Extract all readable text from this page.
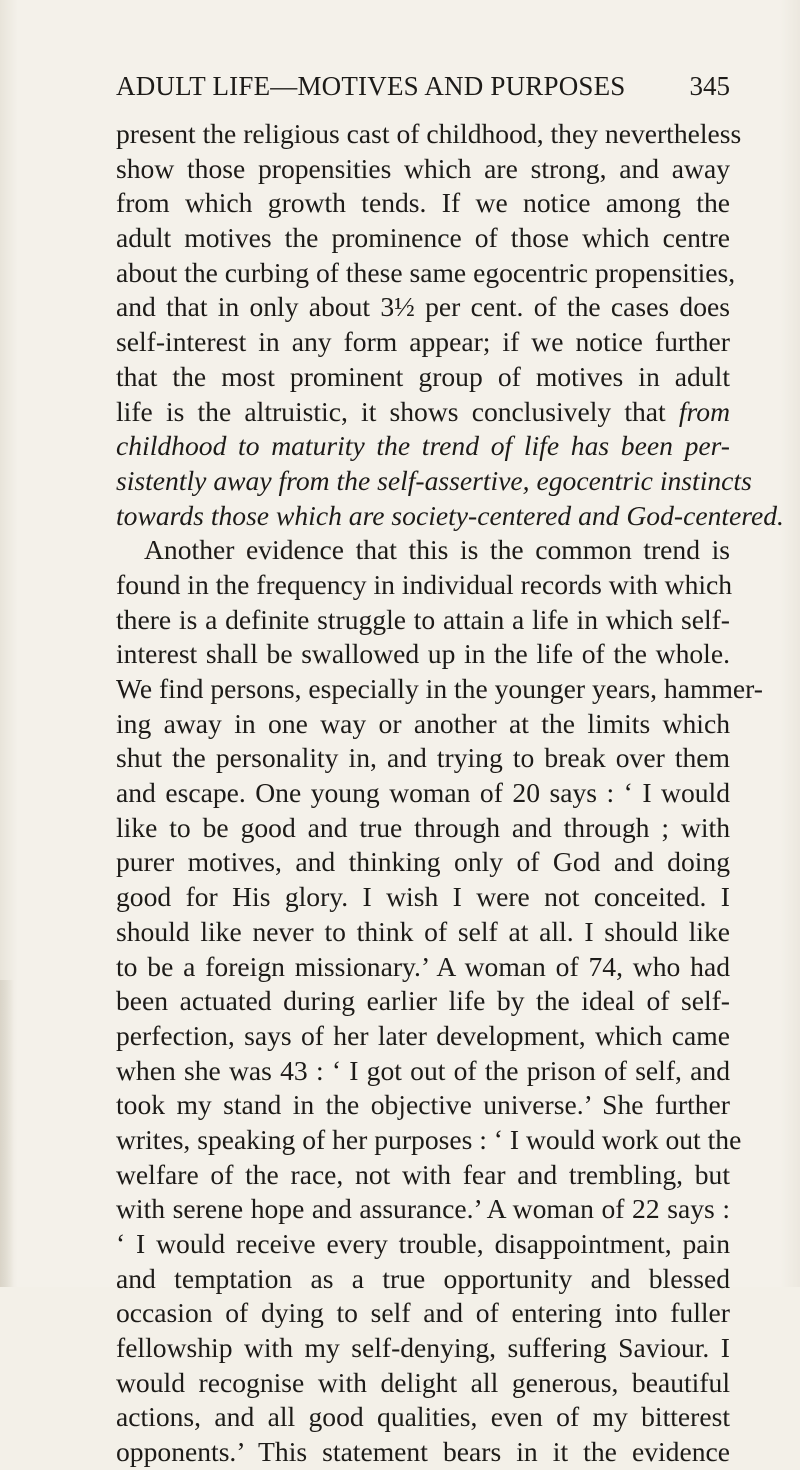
ADULT LIFE—MOTIVES AND PURPOSES 345
present the religious cast of childhood, they nevertheless
show those propensities which are strong, and away
from which growth tends. If we notice among the
adult motives the prominence of those which centre
about the curbing of these same egocentric propensities,
and that in only about 3½ per cent. of the cases does
self-interest in any form appear; if we notice further
that the most prominent group of motives in adult
life is the altruistic, it shows conclusively that from
childhood to maturity the trend of life has been per-
sistently away from the self-assertive, egocentric instincts
towards those which are society-centered and God-centered.
Another evidence that this is the common trend is
found in the frequency in individual records with which
there is a definite struggle to attain a life in which self-
interest shall be swallowed up in the life of the whole.
We find persons, especially in the younger years, hammer-
ing away in one way or another at the limits which
shut the personality in, and trying to break over them
and escape. One young woman of 20 says : ‘ I would
like to be good and true through and through ; with
purer motives, and thinking only of God and doing
good for His glory. I wish I were not conceited. I
should like never to think of self at all. I should like
to be a foreign missionary.’ A woman of 74, who had
been actuated during earlier life by the ideal of self-
perfection, says of her later development, which came
when she was 43 : ‘ I got out of the prison of self, and
took my stand in the objective universe.’ She further
writes, speaking of her purposes : ‘ I would work out the
welfare of the race, not with fear and trembling, but
with serene hope and assurance.’ A woman of 22 says :
‘ I would receive every trouble, disappointment, pain
and temptation as a true opportunity and blessed
occasion of dying to self and of entering into fuller
fellowship with my self-denying, suffering Saviour. I
would recognise with delight all generous, beautiful
actions, and all good qualities, even of my bitterest
opponents.’ This statement bears in it the evidence
